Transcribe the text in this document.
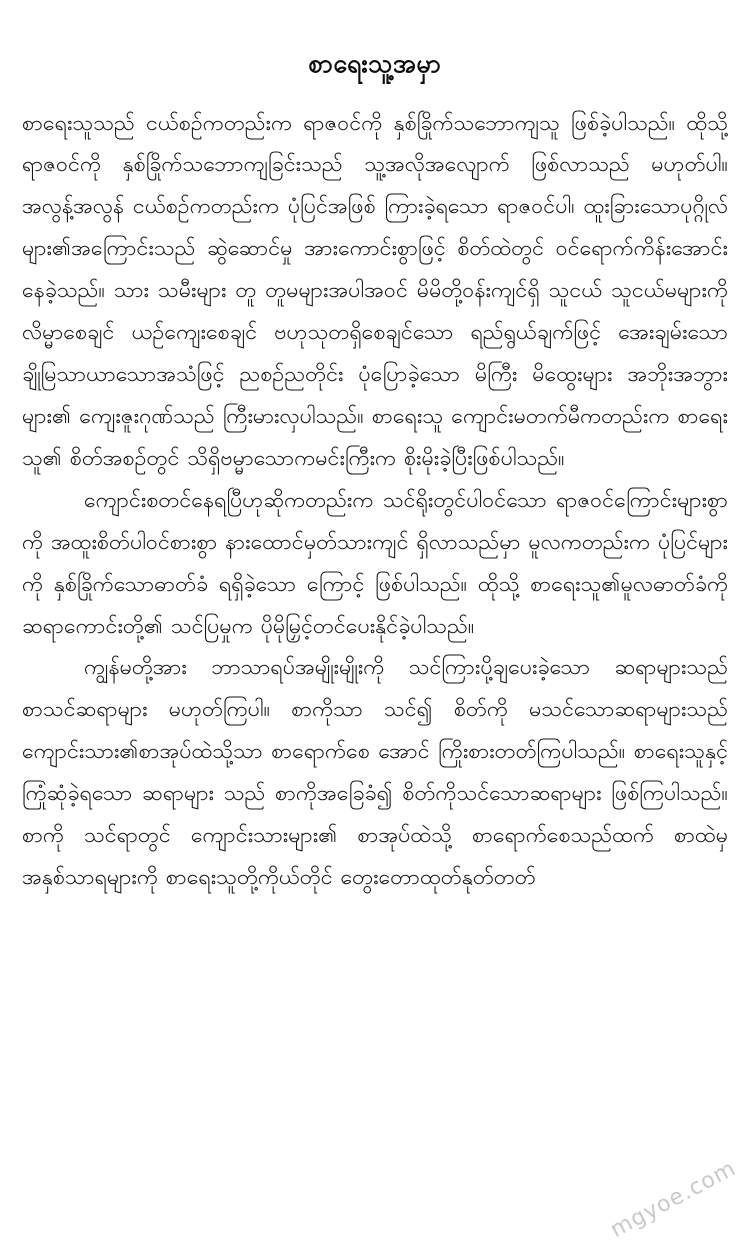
စာရေးသူ့အမှာ

စာရေးသူသည် ငယ်စဉ်ကတည်းက ရာဇဝင်ကို နှစ်ခြိုက်သဘောကျသူ ဖြစ်ခဲ့ပါသည်။ ထိုသို့ရာဇဝင်ကို နှစ်ခြိုက်သဘောကျခြင်းသည် သူ့အလိုအလျောက် ဖြစ်လာသည် မဟုတ်ပါ။ အလွန့်အလွန် ငယ်စဉ်ကတည်းက ပုံပြင်အဖြစ် ကြားခဲ့ရသော ရာဇဝင်ပါ၊ ထူးခြားသောပုဂ္ဂိုလ်များ၏အကြောင်းသည် ဆွဲဆောင်မှု အားကောင်းစွာဖြင့် စိတ်ထဲတွင် ဝင်ရောက်ကိန်းအောင်းနေခဲ့သည်။ သား သမီးများ တူ တူမများအပါအဝင် မိမိတို့ဝန်းကျင်ရှိ သူငယ် သူငယ်မများကို လိမ္မာစေချင် ယဉ်ကျေးစေချင် ဗဟုသုတရှိစေချင်သော ရည်ရွယ်ချက်ဖြင့် အေးချမ်းသော ချိုမြသာယာသောအသံဖြင့် ညစဉ်ညတိုင်း ပုံပြောခဲ့သော မိကြီး မိထွေးများ အဘိုးအဘွားများ၏ ကျေးဇူးဂုဏ်သည် ကြီးမားလှပါသည်။ စာရေးသူ ကျောင်းမတက်မီကတည်းက စာရေးသူ၏ စိတ်အစဉ်တွင် သိရှိဗမ္မာသောကမင်းကြီးက စိုးမိုးခဲ့ပြီးဖြစ်ပါသည်။

ကျောင်းစတင်နေရပြီဟုဆိုကတည်းက သင်ရိုးတွင်ပါဝင်သော ရာဇဝင်ကြောင်းများစွာကို အထူးစိတ်ပါဝင်စားစွာ နားထောင်မှတ်သားကျင် ရှိလာသည်မှာ မူလကတည်းက ပုံပြင်များကို နှစ်ခြိုက်သောဓာတ်ခံ ရရှိခဲ့သော ကြောင့် ဖြစ်ပါသည်။ ထိုသို့ စာရေးသူ၏မူလဓာတ်ခံကို ဆရာကောင်းတို့၏ သင်ပြမှုက ပိုမိုမြှင့်တင်ပေးနိုင်ခဲ့ပါသည်။

ကျွန်မတို့အား ဘာသာရပ်အမျိုးမျိုးကို သင်ကြားပို့ချပေးခဲ့သော ဆရာများသည် စာသင်ဆရာများ မဟုတ်ကြပါ။ စာကိုသာ သင်၍ စိတ်ကို မသင်သောဆရာများသည် ကျောင်းသား၏စာအုပ်ထဲသို့သာ စာရောက်စေ အောင် ကြိုးစားတတ်ကြပါသည်။ စာရေးသူနှင့် ကြုံဆုံခဲ့ရသော ဆရာများ သည် စာကိုအခြေခံ၍ စိတ်ကိုသင်သောဆရာများ ဖြစ်ကြပါသည်။ စာကို သင်ရာတွင် ကျောင်းသားများ၏ စာအုပ်ထဲသို့ စာရောက်စေသည်ထက် စာထဲမှ အနှစ်သာရများကို စာရေးသူတို့ကိုယ်တိုင် တွေးတောထုတ်နုတ်တတ်

mgyoe.com
